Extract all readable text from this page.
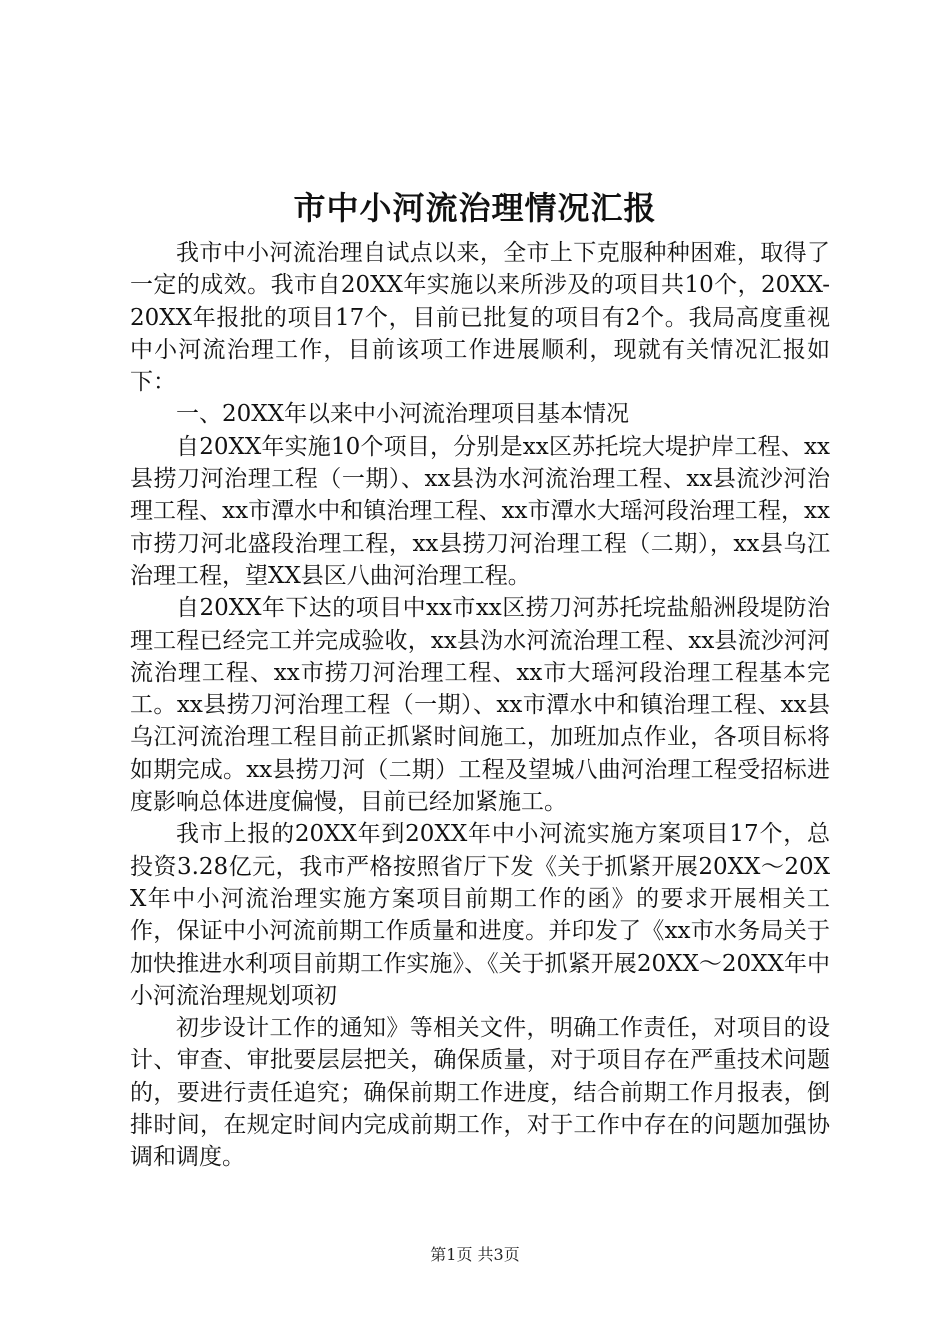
市中小河流治理情况汇报

我市中小河流治理自试点以来，全市上下克服种种困难，取得了一定的成效。我市自20XX年实施以来所涉及的项目共10个，20XX-20XX年报批的项目17个，目前已批复的项目有2个。我局高度重视中小河流治理工作，目前该项工作进展顺利，现就有关情况汇报如下：

一、20XX年以来中小河流治理项目基本情况

自20XX年实施10个项目，分别是xx区苏托垸大堤护岸工程、xx县捞刀河治理工程（一期）、xx县沩水河流治理工程、xx县流沙河治理工程、xx市潭水中和镇治理工程、xx市潭水大瑶河段治理工程，xx市捞刀河北盛段治理工程，xx县捞刀河治理工程（二期），xx县乌江治理工程，望XX县区八曲河治理工程。

自20XX年下达的项目中xx市xx区捞刀河苏托垸盐船洲段堤防治理工程已经完工并完成验收，xx县沩水河流治理工程、xx县流沙河河流治理工程、xx市捞刀河治理工程、xx市大瑶河段治理工程基本完工。xx县捞刀河治理工程（一期）、xx市潭水中和镇治理工程、xx县乌江河流治理工程目前正抓紧时间施工，加班加点作业，各项目标将如期完成。xx县捞刀河（二期）工程及望城八曲河治理工程受招标进度影响总体进度偏慢，目前已经加紧施工。

我市上报的20XX年到20XX年中小河流实施方案项目17个，总投资3.28亿元，我市严格按照省厅下发《关于抓紧开展20XX～20XX年中小河流治理实施方案项目前期工作的函》的要求开展相关工作，保证中小河流前期工作质量和进度。并印发了《xx市水务局关于加快推进水利项目前期工作实施》、《关于抓紧开展20XX～20XX年中小河流治理规划项初

初步设计工作的通知》等相关文件，明确工作责任，对项目的设计、审查、审批要层层把关，确保质量，对于项目存在严重技术问题的，要进行责任追究；确保前期工作进度，结合前期工作月报表，倒排时间，在规定时间内完成前期工作，对于工作中存在的问题加强协调和调度。

第1页 共3页
